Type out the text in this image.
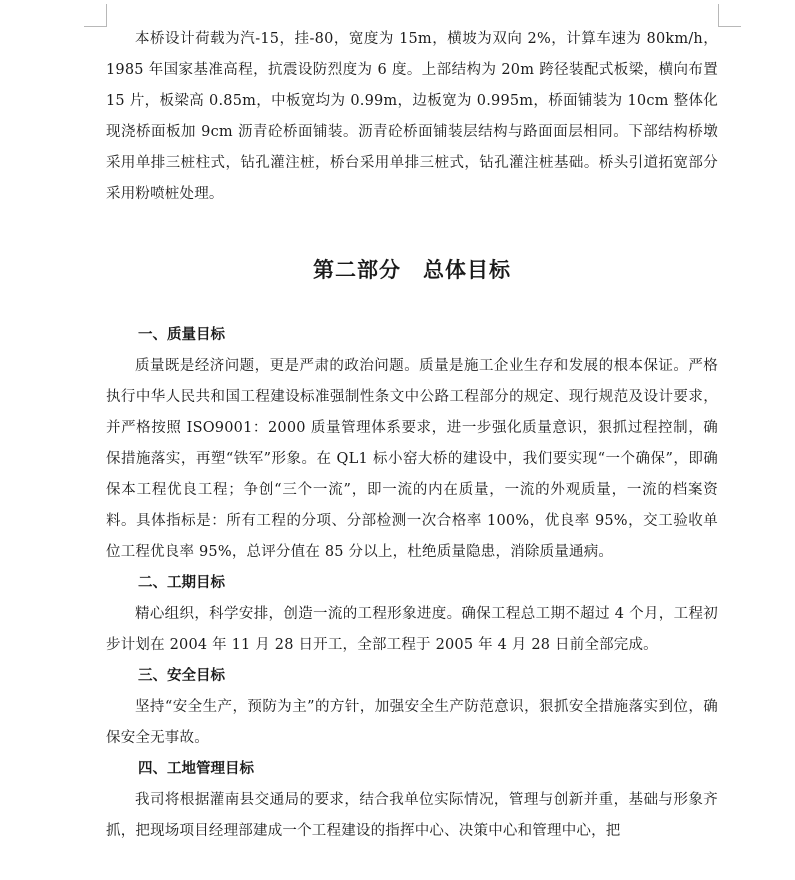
本桥设计荷载为汽-15，挂-80，宽度为 15m，横坡为双向 2%，计算车速为 80km/h，1985 年国家基准高程，抗震设防烈度为 6 度。上部结构为 20m 跨径装配式板梁，横向布置 15 片，板梁高 0.85m，中板宽均为 0.99m，边板宽为 0.995m，桥面铺装为 10cm 整体化现浇桥面板加 9cm 沥青砼桥面铺装。沥青砼桥面铺装层结构与路面面层相同。下部结构桥墩采用单排三桩柱式，钻孔灌注桩，桥台采用单排三桩式，钻孔灌注桩基础。桥头引道拓宽部分采用粉喷桩处理。

第二部分　总体目标
一、质量目标

质量既是经济问题，更是严肃的政治问题。质量是施工企业生存和发展的根本保证。严格执行中华人民共和国工程建设标准强制性条文中公路工程部分的规定、现行规范及设计要求，并严格按照 ISO9001：2000 质量管理体系要求，进一步强化质量意识，狠抓过程控制，确保措施落实，再塑“铁军”形象。在 QL1 标小窑大桥的建设中，我们要实现“一个确保”，即确保本工程优良工程；争创“三个一流”，即一流的内在质量，一流的外观质量，一流的档案资料。具体指标是：所有工程的分项、分部检测一次合格率 100%，优良率 95%，交工验收单位工程优良率 95%，总评分值在 85 分以上，杜绝质量隐患，消除质量通病。

二、工期目标

精心组织，科学安排，创造一流的工程形象进度。确保工程总工期不超过 4 个月，工程初步计划在 2004 年 11 月 28 日开工，全部工程于 2005 年 4 月 28 日前全部完成。

三、安全目标

坚持“安全生产，预防为主”的方针，加强安全生产防范意识，狠抓安全措施落实到位，确保安全无事故。

四、工地管理目标

我司将根据灌南县交通局的要求，结合我单位实际情况，管理与创新并重，基础与形象齐抓，把现场项目经理部建成一个工程建设的指挥中心、决策中心和管理中心，把
